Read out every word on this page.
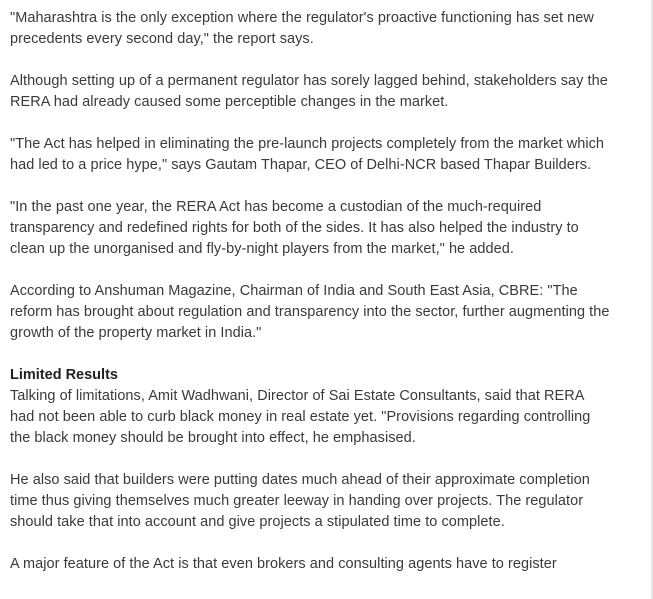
"Maharashtra is the only exception where the regulator's proactive functioning has set new precedents every second day," the report says.

Although setting up of a permanent regulator has sorely lagged behind, stakeholders say the RERA had already caused some perceptible changes in the market.

"The Act has helped in eliminating the pre-launch projects completely from the market which had led to a price hype," says Gautam Thapar, CEO of Delhi-NCR based Thapar Builders.

"In the past one year, the RERA Act has become a custodian of the much-required transparency and redefined rights for both of the sides. It has also helped the industry to clean up the unorganised and fly-by-night players from the market," he added.

According to Anshuman Magazine, Chairman of India and South East Asia, CBRE: "The reform has brought about regulation and transparency into the sector, further augmenting the growth of the property market in India."

Limited Results

Talking of limitations, Amit Wadhwani, Director of Sai Estate Consultants, said that RERA had not been able to curb black money in real estate yet. "Provisions regarding controlling the black money should be brought into effect, he emphasised.

He also said that builders were putting dates much ahead of their approximate completion time thus giving themselves much greater leeway in handing over projects. The regulator should take that into account and give projects a stipulated time to complete.

A major feature of the Act is that even brokers and consulting agents have to register
